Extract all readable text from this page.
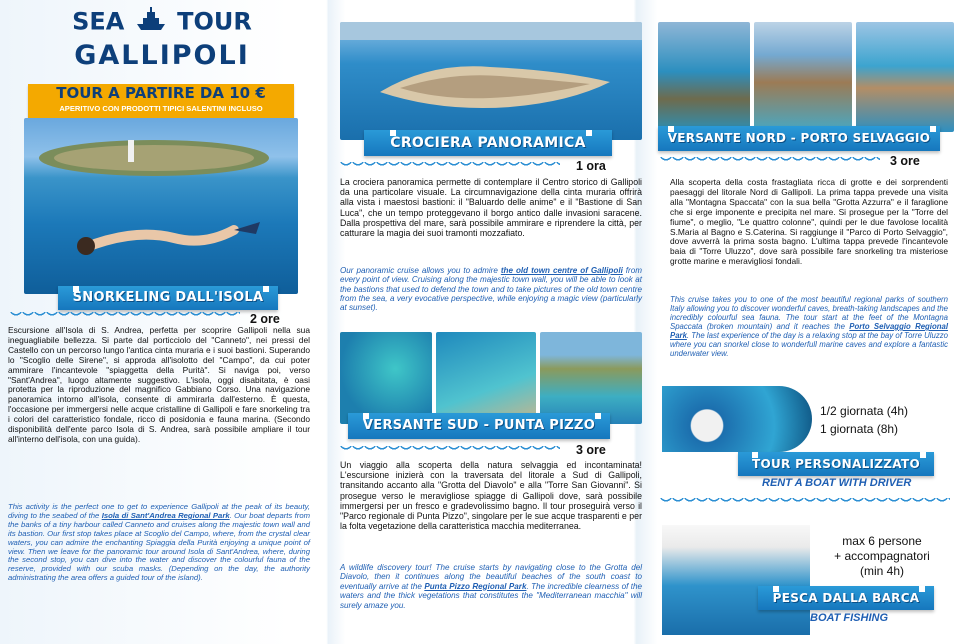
SEA TOUR
GALLIPOLI
TOUR A PARTIRE DA 10 €
APERITIVO CON PRODOTTI TIPICI SALENTINI INCLUSO
SNORKELING DALL'ISOLA
2 ore
Escursione all'Isola di S. Andrea, perfetta per scoprire Gallipoli nella sua ineguagliabile bellezza. Si parte dal porticciolo del "Canneto", nei pressi del Castello con un percorso lungo l'antica cinta muraria e i suoi bastioni. Superando lo "Scoglio delle Sirene", si approda all'isolotto del "Campo", da cui poter ammirare l'incantevole "spiaggetta della Purità". Si naviga poi, verso "Sant'Andrea", luogo altamente suggestivo. L'isola, oggi disabitata, è oasi protetta per la riproduzione del magnifico Gabbiano Corso. Una navigazione panoramica intorno all'isola, consente di ammirarla dall'esterno. È questa, l'occasione per immergersi nelle acque cristalline di Gallipoli e fare snorkeling tra i colori del caratteristico fondale, ricco di posidonia e fauna marina. (Secondo disponibilità dell'ente parco Isola di S. Andrea, sarà possibile ampliare il tour all'interno dell'isola, con una guida).
This activity is the perfect one to get to experience Gallipoli at the peak of its beauty, diving to the seabed of the Isola di Sant'Andrea Regional Park. Our boat departs from the banks of a tiny harbour called Canneto and cruises along the majestic town wall and its bastion. Our first stop takes place at Scoglio del Campo, where, from the crystal clear waters, you can admire the enchanting Spiaggia della Purità enjoying a unique point of view. Then we leave for the panoramic tour around Isola di Sant'Andrea, where, during the second stop, you can dive into the water and discover the colourful fauna of the reserve, provided with our scuba masks. (Depending on the day, the authority administrating the area offers a guided tour of the island).
CROCIERA PANORAMICA
1 ora
La crociera panoramica permette di contemplare il Centro storico di Gallipoli da una particolare visuale. La circumnavigazione della cinta muraria offrirà alla vista i maestosi bastioni: il "Baluardo delle anime" e il "Bastione di San Luca", che un tempo proteggevano il borgo antico dalle invasioni saracene. Dalla prospettiva del mare, sarà possibile ammirare e riprendere la città, per catturare la magia dei suoi tramonti mozzafiato.
Our panoramic cruise allows you to admire the old town centre of Gallipoli from every point of view. Cruising along the majestic town wall, you will be able to look at the bastions that used to defend the town and to take pictures of the old town centre from the sea, a very evocative perspective, while enjoying a magic view (particularly at sunset).
VERSANTE SUD - PUNTA PIZZO
3 ore
Un viaggio alla scoperta della natura selvaggia ed incontaminata! L'escursione inizierà con la traversata del litorale a Sud di Gallipoli, transitando accanto alla "Grotta del Diavolo" e alla "Torre San Giovanni". Si prosegue verso le meravigliose spiagge di Gallipoli dove, sarà possibile immergersi per un fresco e gradevolissimo bagno. Il tour proseguirà verso il "Parco regionale di Punta Pizzo", singolare per le sue acque trasparenti e per la folta vegetazione della caratteristica macchia mediterranea.
A wildlife discovery tour! The cruise starts by navigating close to the Grotta del Diavolo, then it continues along the beautiful beaches of the south coast to eventually arrive at the Punta Pizzo Regional Park. The incredible clearness of the waters and the thick vegetations that constitutes the "Mediterranean macchia" will surely amaze you.
VERSANTE NORD - PORTO SELVAGGIO
3 ore
Alla scoperta della costa frastagliata ricca di grotte e dei sorprendenti paesaggi del litorale Nord di Gallipoli. La prima tappa prevede una visita alla "Montagna Spaccata" con la sua bella "Grotta Azzurra" e il faraglione che si erge imponente e precipita nel mare. Si prosegue per la "Torre del fiume", o meglio, "Le quattro colonne", quindi per le due favolose località S.Maria al Bagno e S.Caterina. Si raggiunge il "Parco di Porto Selvaggio", dove avverrà la prima sosta bagno. L'ultima tappa prevede l'incantevole baia di "Torre Uluzzo", dove sarà possibile fare snorkeling tra misteriose grotte marine e meravigliosi fondali.
This cruise takes you to one of the most beautiful regional parks of southern Italy allowing you to discover wonderful caves, breath-taking landscapes and the incredibly colourful sea fauna. The tour start at the feet of the Montagna Spaccata (broken mountain) and it reaches the Porto Selvaggio Regional Park. The last experience of the day is a relaxing stop at the bay of Torre Uluzzo where you can snorkel close to wonderfull marine caves and explore a fantastic underwater view.
1/2 giornata (4h)
1 giornata (8h)
TOUR PERSONALIZZATO
RENT A BOAT WITH DRIVER
max 6 persone
+ accompagnatori
(min 4h)
PESCA DALLA BARCA
BOAT FISHING
